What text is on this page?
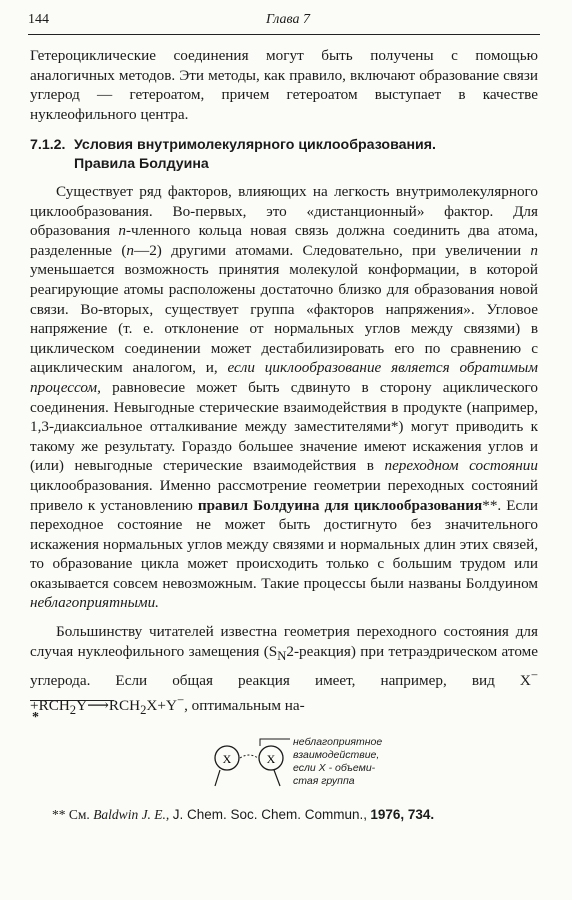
144	Глава 7

Гетероциклические соединения могут быть получены с помощью аналогичных методов. Эти методы, как правило, включают образование связи углерод — гетероатом, причем гетероатом выступает в качестве нуклеофильного центра.

7.1.2. Условия внутримолекулярного циклообразования.
Правила Болдуина

Существует ряд факторов, влияющих на легкость внутримолекулярного циклообразования. Во-первых, это «дистанционный» фактор. Для образования n-членного кольца новая связь должна соединить два атома, разделенные (n—2) другими атомами. Следовательно, при увеличении n уменьшается возможность принятия молекулой конформации, в которой реагирующие атомы расположены достаточно близко для образования новой связи. Во-вторых, существует группа «факторов напряжения». Угловое напряжение (т. е. отклонение от нормальных углов между связями) в циклическом соединении может дестабилизировать его по сравнению с ациклическим аналогом, и, если циклообразование является обратимым процессом, равновесие может быть сдвинуто в сторону ациклического соединения. Невыгодные стерические взаимодействия в продукте (например, 1,3-диаксиальное отталкивание между заместителями*) могут приводить к такому же результату. Гораздо большее значение имеют искажения углов и (или) невыгодные стерические взаимодействия в переходном состоянии циклообразования. Именно рассмотрение геометрии переходных состояний привело к установлению правил Болдуина для циклообразования**. Если переходное состояние не может быть достигнуто без значительного искажения нормальных углов между связями и нормальных длин этих связей, то образование цикла может происходить только с большим трудом или оказывается совсем невозможным. Такие процессы были названы Болдуином неблагоприятными.

Большинству читателей известна геометрия переходного состояния для случая нуклеофильного замещения $(S_N2-реакция)$ при тетраэдрическом атоме углерода. Если общая реакция имеет, например, вид $X^-+RCH_2Y⟶RCH_2X+Y^-$, оптимальным на-

*
X	X
неблагоприятное
взаимодействие,
если X - объеми-
стая группа
** См. Baldwin J. E., J. Chem. Soc. Chem. Commun., 1976, 734.
